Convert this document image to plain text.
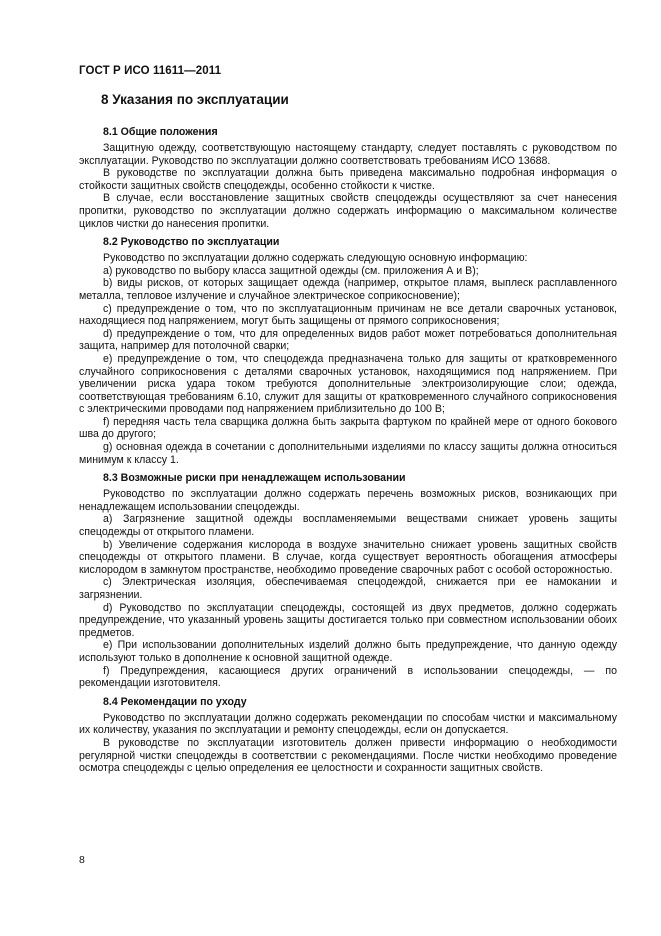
ГОСТ Р ИСО 11611—2011
8 Указания по эксплуатации
8.1 Общие положения

Защитную одежду, соответствующую настоящему стандарту, следует поставлять с руководством по эксплуатации. Руководство по эксплуатации должно соответствовать требованиям ИСО 13688.

В руководстве по эксплуатации должна быть приведена максимально подробная информация о стойкости защитных свойств спецодежды, особенно стойкости к чистке.

В случае, если восстановление защитных свойств спецодежды осуществляют за счет нанесения пропитки, руководство по эксплуатации должно содержать информацию о максимальном количестве циклов чистки до нанесения пропитки.

8.2 Руководство по эксплуатации

Руководство по эксплуатации должно содержать следующую основную информацию:

а) руководство по выбору класса защитной одежды (см. приложения А и В);

b) виды рисков, от которых защищает одежда (например, открытое пламя, выплеск расплавленного металла, тепловое излучение и случайное электрическое соприкосновение);

с) предупреждение о том, что по эксплуатационным причинам не все детали сварочных установок, находящиеся под напряжением, могут быть защищены от прямого соприкосновения;

d) предупреждение о том, что для определенных видов работ может потребоваться дополнительная защита, например для потолочной сварки;

е) предупреждение о том, что спецодежда предназначена только для защиты от кратковременного случайного соприкосновения с деталями сварочных установок, находящимися под напряжением. При увеличении риска удара током требуются дополнительные электроизолирующие слои; одежда, соответствующая требованиям 6.10, служит для защиты от кратковременного случайного соприкосновения с электрическими проводами под напряжением приблизительно до 100 В;

f) передняя часть тела сварщика должна быть закрыта фартуком по крайней мере от одного бокового шва до другого;

g) основная одежда в сочетании с дополнительными изделиями по классу защиты должна относиться минимум к классу 1.

8.3 Возможные риски при ненадлежащем использовании

Руководство по эксплуатации должно содержать перечень возможных рисков, возникающих при ненадлежащем использовании спецодежды.

а) Загрязнение защитной одежды воспламеняемыми веществами снижает уровень защиты спецодежды от открытого пламени.

b) Увеличение содержания кислорода в воздухе значительно снижает уровень защитных свойств спецодежды от открытого пламени. В случае, когда существует вероятность обогащения атмосферы кислородом в замкнутом пространстве, необходимо проведение сварочных работ с особой осторожностью.

с) Электрическая изоляция, обеспечиваемая спецодеждой, снижается при ее намокании и загрязнении.

d) Руководство по эксплуатации спецодежды, состоящей из двух предметов, должно содержать предупреждение, что указанный уровень защиты достигается только при совместном использовании обоих предметов.

е) При использовании дополнительных изделий должно быть предупреждение, что данную одежду используют только в дополнение к основной защитной одежде.

f) Предупреждения, касающиеся других ограничений в использовании спецодежды, — по рекомендации изготовителя.

8.4 Рекомендации по уходу

Руководство по эксплуатации должно содержать рекомендации по способам чистки и максимальному их количеству, указания по эксплуатации и ремонту спецодежды, если он допускается.

В руководстве по эксплуатации изготовитель должен привести информацию о необходимости регулярной чистки спецодежды в соответствии с рекомендациями. После чистки необходимо проведение осмотра спецодежды с целью определения ее целостности и сохранности защитных свойств.

8
